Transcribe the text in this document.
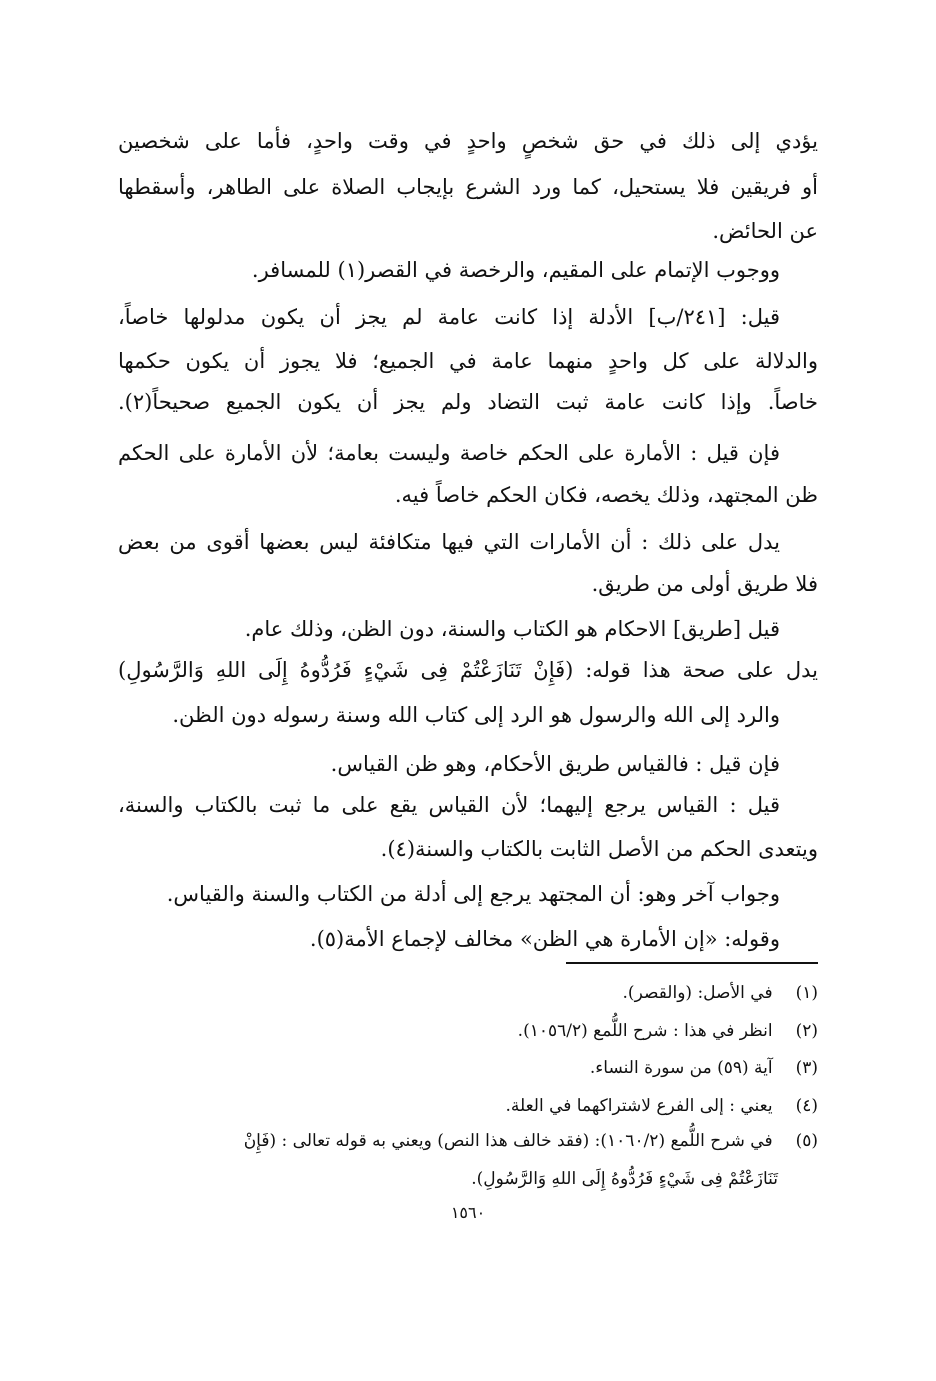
يؤدي إلى ذلك في حق شخصٍ واحدٍ في وقت واحدٍ، فأما على شخصين
أو فريقين فلا يستحيل، كما ورد الشرع بإيجاب الصلاة على الطاهر، وأسقطها
عن الحائض.
ووجوب الإتمام على المقيم، والرخصة في القصر(١) للمسافر.
قيل: [٢٤١/ب] الأدلة إذا كانت عامة لم يجز أن يكون مدلولها خاصاً،
والدلالة على كل واحدٍ منهما عامة في الجميع؛ فلا يجوز أن يكون حكمها
خاصاً. وإذا كانت عامة ثبت التضاد ولم يجز أن يكون الجميع صحيحاً(٢).
فإن قيل : الأمارة على الحكم خاصة وليست بعامة؛ لأن الأمارة على الحكم
ظن المجتهد، وذلك يخصه، فكان الحكم خاصاً فيه.
يدل على ذلك : أن الأمارات التي فيها متكافئة ليس بعضها أقوى من بعض
فلا طريق أولى من طريق.
قيل [طريق] الاحكام هو الكتاب والسنة، دون الظن، وذلك عام.
يدل على صحة هذا قوله: (فَإِنْ تَنَازَعْتُمْ فِى شَيْءٍ فَرُدُّوهُ إِلَى اللهِ وَالرَّسُولِ)
والرد إلى الله والرسول هو الرد إلى كتاب الله وسنة رسوله دون الظن.
فإن قيل : فالقياس طريق الأحكام، وهو ظن القياس.
قيل : القياس يرجع إليهما؛ لأن القياس يقع على ما ثبت بالكتاب والسنة،
ويتعدى الحكم من الأصل الثابت بالكتاب والسنة(٤).
وجواب آخر وهو: أن المجتهد يرجع إلى أدلة من الكتاب والسنة والقياس.
وقوله: «إن الأمارة هي الظن» مخالف لإجماع الأمة(٥).
(١) في الأصل: (والقصر).
(٢) انظر في هذا : شرح اللُّمع (١٠٥٦/٢).
(٣) آية (٥٩) من سورة النساء.
(٤) يعني : إلى الفرع لاشتراكهما في العلة.
(٥) في شرح اللُّمع (١٠٦٠/٢): (فقد خالف هذا النص) ويعني به قوله تعالى : (فَإِنْ
تَنَازَعْتُمْ فِى شَيْءٍ فَرُدُّوهُ إِلَى اللهِ وَالرَّسُولِ).
١٥٦٠
